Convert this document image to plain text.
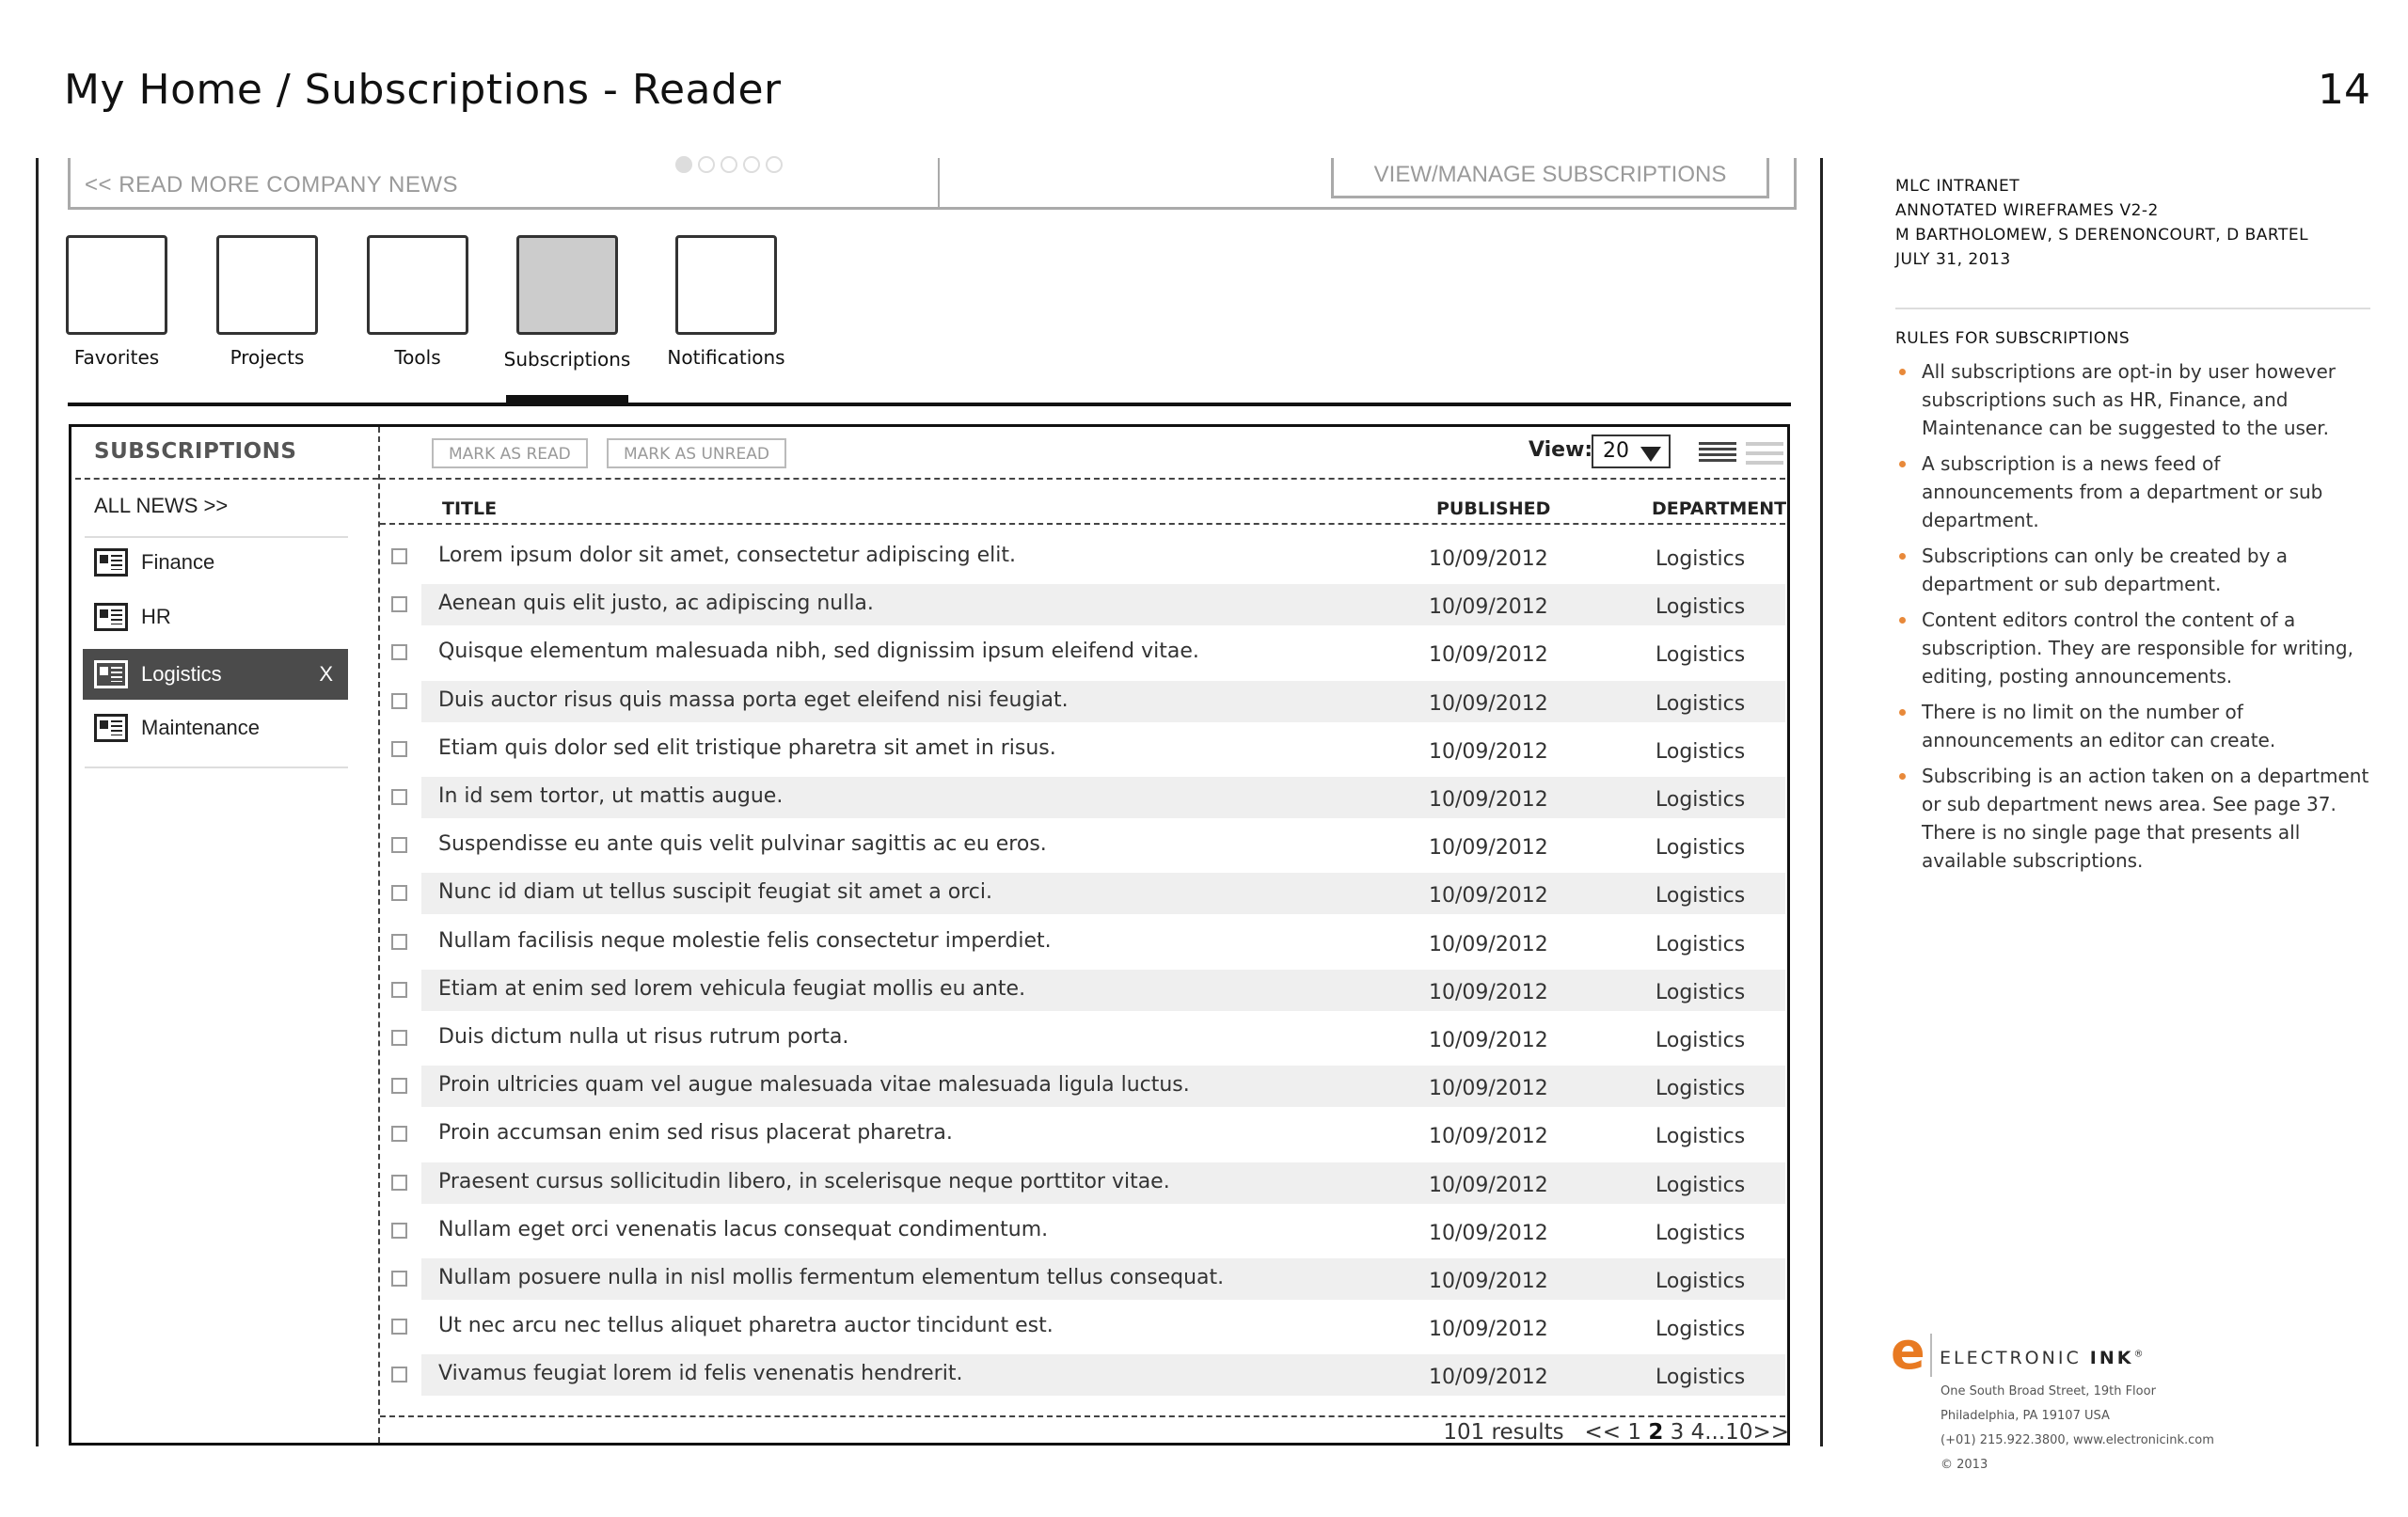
My Home / Subscriptions - Reader	14
<< READ MORE COMPANY NEWS	VIEW/MANAGE SUBSCRIPTIONS
Favorites	Projects	Tools	Subscriptions	Notifications
SUBSCRIPTIONS
ALL NEWS >>
Finance
HR
Logistics	X
Maintenance
MARK AS READ	MARK AS UNREAD	View: 20
TITLE	PUBLISHED	DEPARTMENT
Lorem ipsum dolor sit amet, consectetur adipiscing elit.	10/09/2012	Logistics
Aenean quis elit justo, ac adipiscing nulla.	10/09/2012	Logistics
Quisque elementum malesuada nibh, sed dignissim ipsum eleifend vitae.	10/09/2012	Logistics
Duis auctor risus quis massa porta eget eleifend nisi feugiat.	10/09/2012	Logistics
Etiam quis dolor sed elit tristique pharetra sit amet in risus.	10/09/2012	Logistics
In id sem tortor, ut mattis augue.	10/09/2012	Logistics
Suspendisse eu ante quis velit pulvinar sagittis ac eu eros.	10/09/2012	Logistics
Nunc id diam ut tellus suscipit feugiat sit amet a orci.	10/09/2012	Logistics
Nullam facilisis neque molestie felis consectetur imperdiet.	10/09/2012	Logistics
Etiam at enim sed lorem vehicula feugiat mollis eu ante.	10/09/2012	Logistics
Duis dictum nulla ut risus rutrum porta.	10/09/2012	Logistics
Proin ultricies quam vel augue malesuada vitae malesuada ligula luctus.	10/09/2012	Logistics
Proin accumsan enim sed risus placerat pharetra.	10/09/2012	Logistics
Praesent cursus sollicitudin libero, in scelerisque neque porttitor vitae.	10/09/2012	Logistics
Nullam eget orci venenatis lacus consequat condimentum.	10/09/2012	Logistics
Nullam posuere nulla in nisl mollis fermentum elementum tellus consequat.	10/09/2012	Logistics
Ut nec arcu nec tellus aliquet pharetra auctor tincidunt est.	10/09/2012	Logistics
Vivamus feugiat lorem id felis venenatis hendrerit.	10/09/2012	Logistics
101 results << 1 2 3 4...10>>
MLC INTRANET
ANNOTATED WIREFRAMES V2-2
M BARTHOLOMEW, S DERENONCOURT, D BARTEL
JULY 31, 2013
RULES FOR SUBSCRIPTIONS
All subscriptions are opt-in by user however subscriptions such as HR, Finance, and Maintenance can be suggested to the user.
A subscription is a news feed of announcements from a department or sub department.
Subscriptions can only be created by a department or sub department.
Content editors control the content of a subscription. They are responsible for writing, editing, posting announcements.
There is no limit on the number of announcements an editor can create.
Subscribing is an action taken on a department or sub department news area. See page 37. There is no single page that presents all available subscriptions.
e ELECTRONIC INK®
One South Broad Street, 19th Floor
Philadelphia, PA 19107 USA
(+01) 215.922.3800, www.electronicink.com
© 2013
